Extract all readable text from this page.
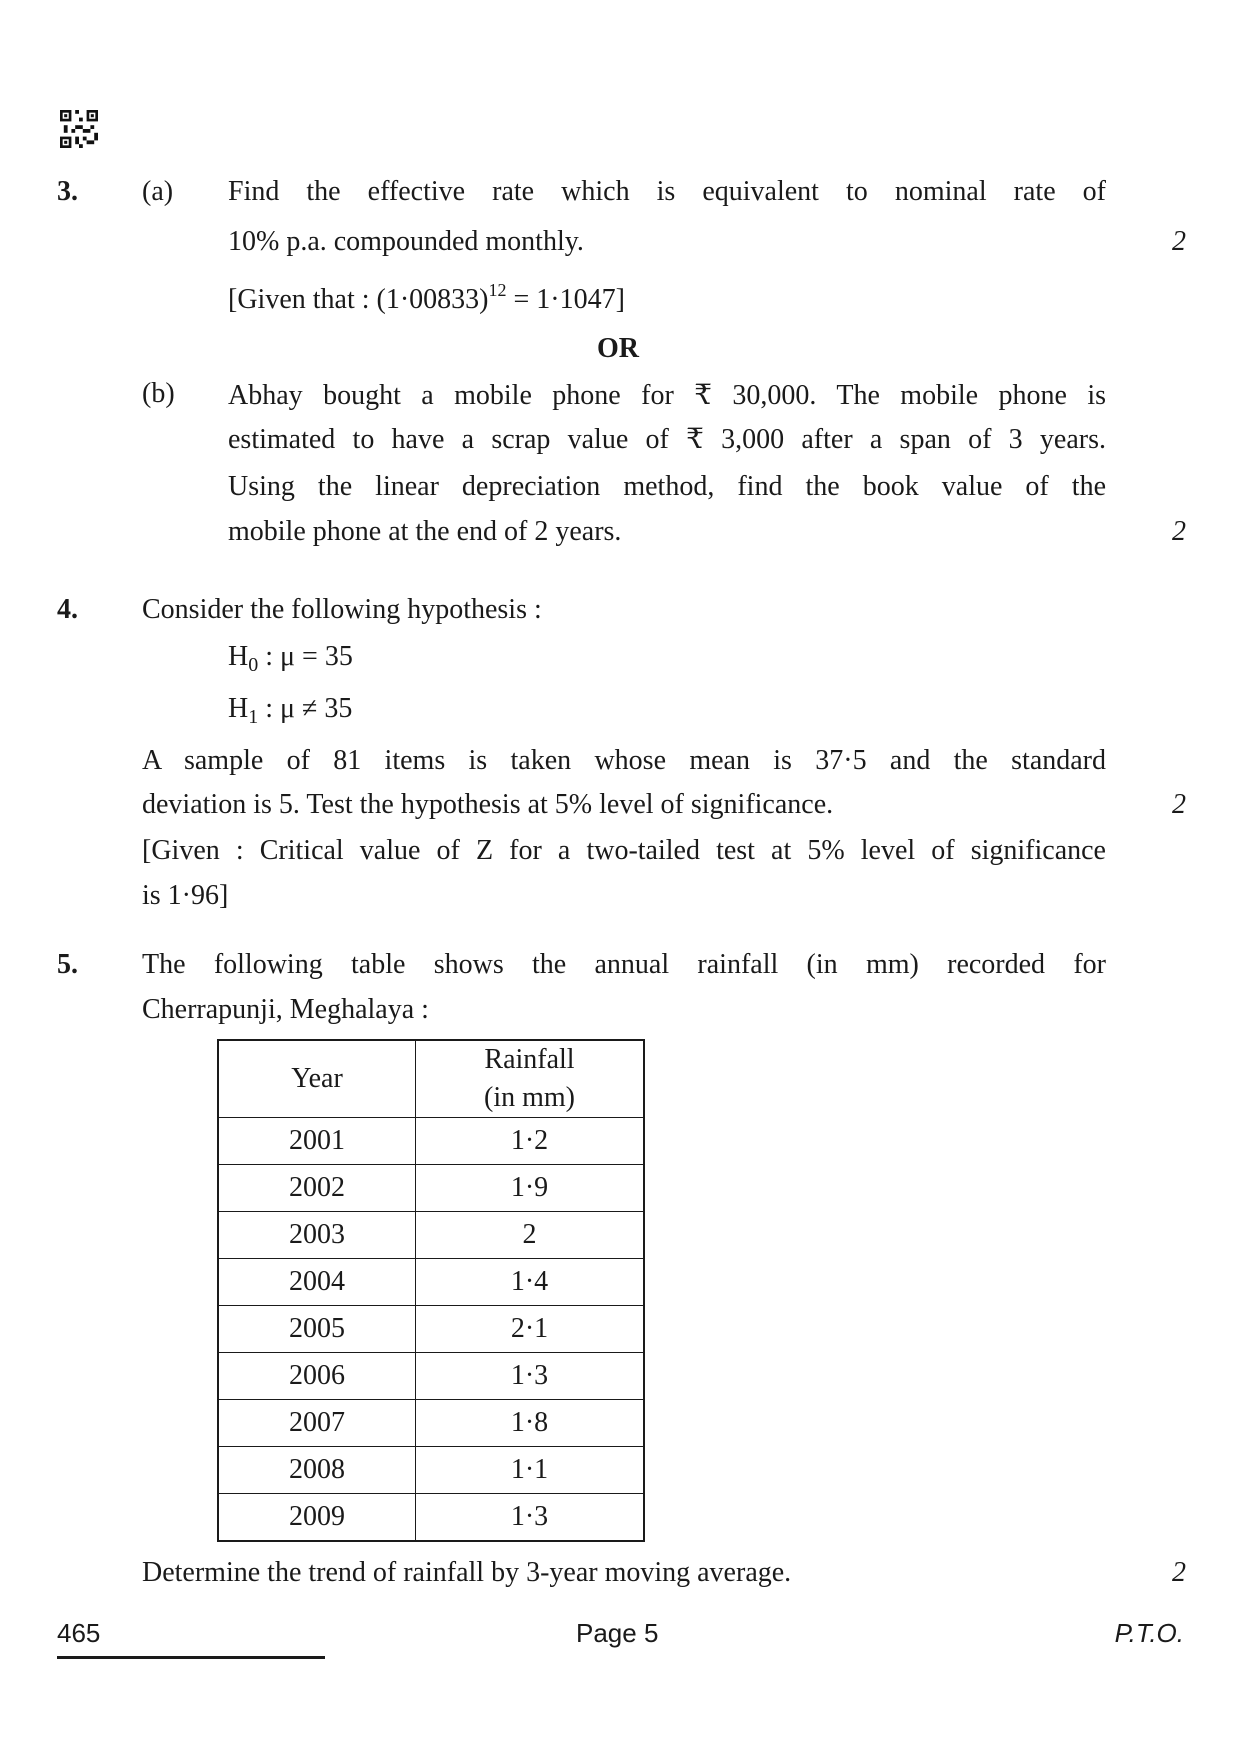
3. (a) Find the effective rate which is equivalent to nominal rate of
10% p.a. compounded monthly.	2
[Given that : $(1\cdot 00833)^{12} = 1\cdot 1047$]
OR
(b) Abhay bought a mobile phone for ₹ 30,000. The mobile phone is
estimated to have a scrap value of ₹ 3,000 after a span of 3 years.
Using the linear depreciation method, find the book value of the
mobile phone at the end of 2 years.	2
4. Consider the following hypothesis :
$H_0$ : μ = 35
$H_1$ : μ ≠ 35
A sample of 81 items is taken whose mean is 37·5 and the standard
deviation is 5. Test the hypothesis at 5% level of significance.	2
[Given : Critical value of Z for a two-tailed test at 5% level of significance
is 1·96]
5. The following table shows the annual rainfall (in mm) recorded for
Cherrapunji, Meghalaya :
Year	Rainfall
(in mm)
2001	1·2
2002	1·9
2003	2
2004	1·4
2005	2·1
2006	1·3
2007	1·8
2008	1·1
2009	1·3
Determine the trend of rainfall by 3-year moving average.	2
465	Page 5	P.T.O.
